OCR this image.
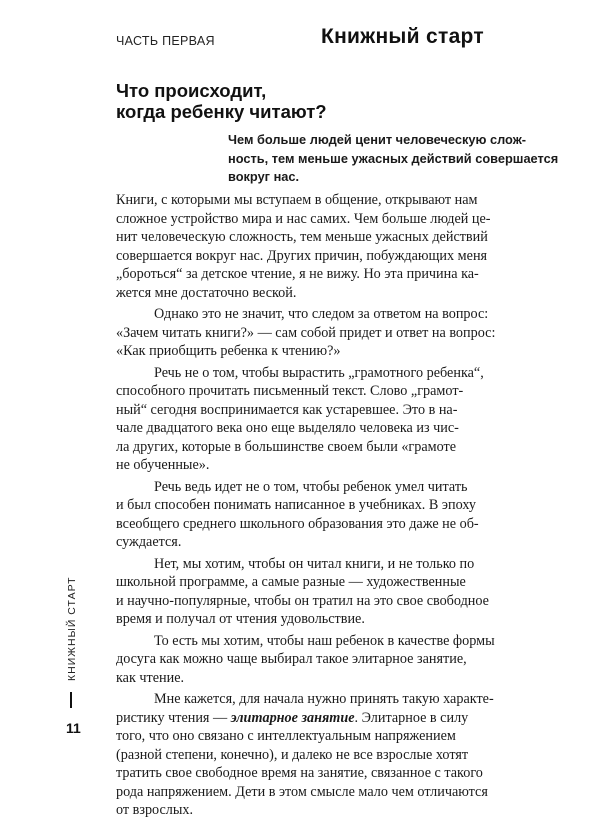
ЧАСТЬ ПЕРВАЯ	Книжный старт
Что происходит,
когда ребенку читают?
Чем больше людей ценит человеческую слож-
ность, тем меньше ужасных действий совершается
вокруг нас.

Книги, с которыми мы вступаем в общение, открывают нам
сложное устройство мира и нас самих. Чем больше людей це-
нит человеческую сложность, тем меньше ужасных действий
совершается вокруг нас. Других причин, побуждающих меня
„бороться“ за детское чтение, я не вижу. Но эта причина ка-
жется мне достаточно веской.

Однако это не значит, что следом за ответом на вопрос:
«Зачем читать книги?» — сам собой придет и ответ на вопрос:
«Как приобщить ребенка к чтению?»

Речь не о том, чтобы вырастить „грамотного ребенка“,
способного прочитать письменный текст. Слово „грамот-
ный“ сегодня воспринимается как устаревшее. Это в на-
чале двадцатого века оно еще выделяло человека из чис-
ла других, которые в большинстве своем были «грамоте
не обученные».

Речь ведь идет не о том, чтобы ребенок умел читать
и был способен понимать написанное в учебниках. В эпоху
всеобщего среднего школьного образования это даже не об-
суждается.

Нет, мы хотим, чтобы он читал книги, и не только по
школьной программе, а самые разные — художественные
и научно-популярные, чтобы он тратил на это свое свободное
время и получал от чтения удовольствие.

То есть мы хотим, чтобы наш ребенок в качестве формы
досуга как можно чаще выбирал такое элитарное занятие,
как чтение.

Мне кажется, для начала нужно принять такую характе-
ристику чтения — элитарное занятие. Элитарное в силу
того, что оно связано с интеллектуальным напряжением
(разной степени, конечно), и далеко не все взрослые хотят
тратить свое свободное время на занятие, связанное с такого
рода напряжением. Дети в этом смысле мало чем отличаются
от взрослых.

КНИЖНЫЙ СТАРТ
11
